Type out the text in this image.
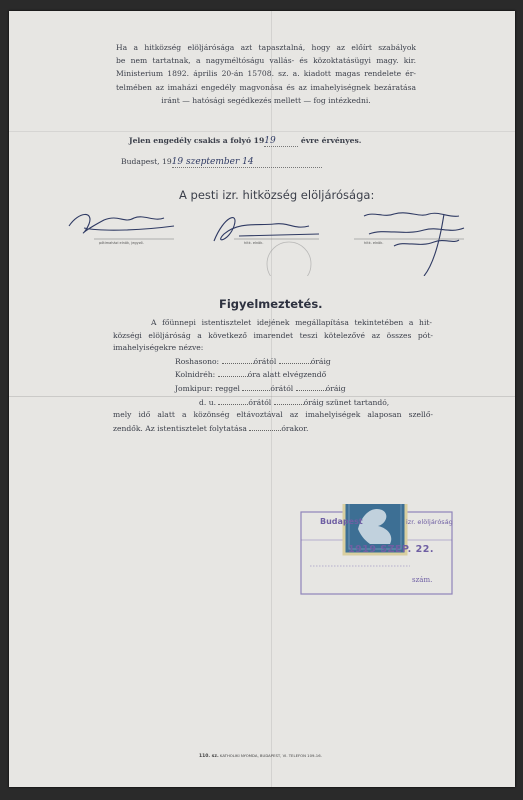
Ha a hitközség elöljárósága azt tapasztalná, hogy az előírt szabályok
be nem tartatnak, a nagyméltóságu vallás- és közoktatásügyi magy. kir.
Ministerium 1892. április 20-án 15708. sz. a. kiadott magas rendelete ér-
telmében az imaházi engedély magvonása és az imahelyiségnek bezáratása
iránt — hatósági segédkezés mellett — fog intézkedni.
Jelen engedély csakis a folyó 1919	évre érvényes.
Budapest, 1919 szeptember 14
A pesti izr. hitközség elöljárósága:
pótimaházi elnök, jegyző.	hitk. elnök.	hitk. elnök.
Figyelmeztetés.
A főünnepi istentisztelet idejének megállapítása tekintetében a hit-
községi elöljáróság a következő imarendet teszi kötelezővé az összes pót-
imahelyiségekre nézve:
Roshasono:	órától	óráig
Kolnidréh:	óra alatt elvégzendő
Jomkipur: reggel	órától	óráig
d. u.	órától	óráig szünet tartandó,
mely idő alatt a közönség eltávoztával az imahelyiségek alaposan szellő-
zendők. Az istentisztelet folytatása	órakor.
Budapest	izr. elöljáróság
1919 SZEP. 22.
szám.
110. sz. KATHOLIKI NYOMDA, BUDAPEST, VI. TELEFON 109-16.
